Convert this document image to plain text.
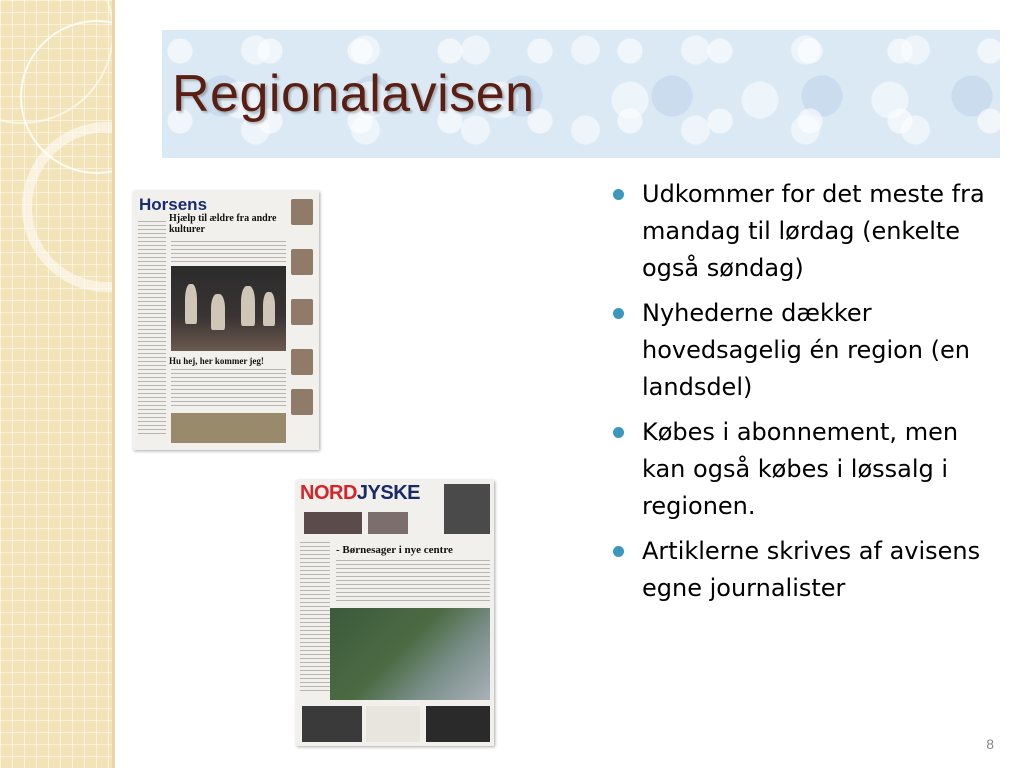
Regionalavisen
Horsens
Hjælp til ældre fra andre kulturer
Hu hej, her kommer jeg!
NORDJYSKE
- Børnesager i nye centre
Udkommer for det meste fra mandag til lørdag (enkelte også søndag)
Nyhederne dækker hovedsagelig én region (en landsdel)
Købes i abonnement, men kan også købes i løssalg i regionen.
Artiklerne skrives af avisens egne journalister
8
